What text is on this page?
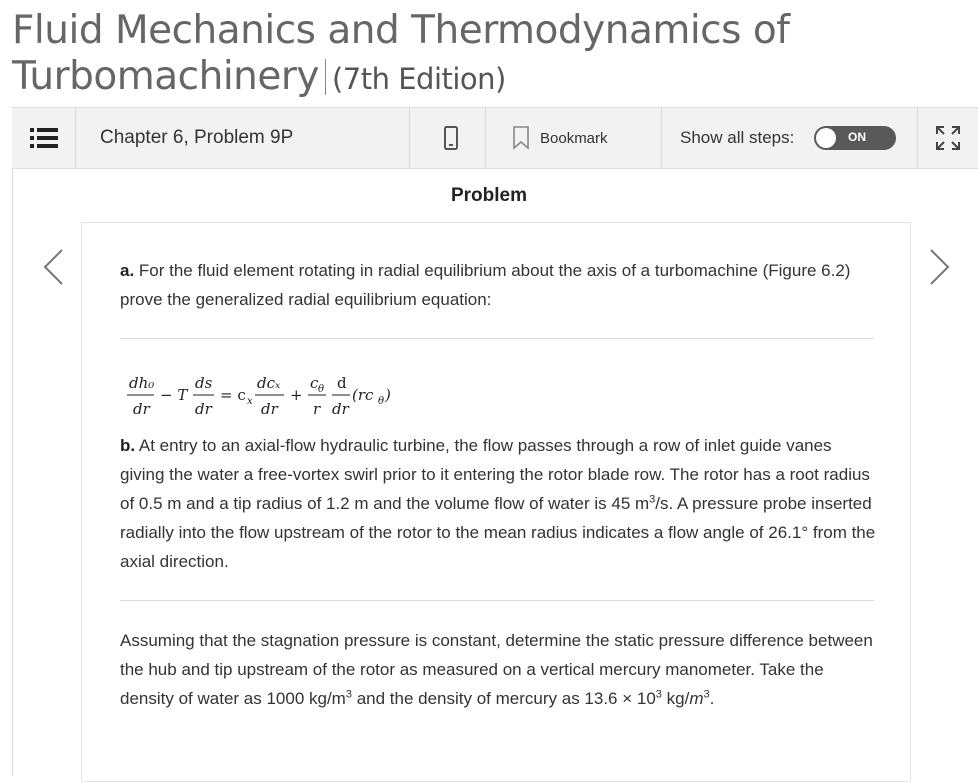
Fluid Mechanics and Thermodynamics of Turbomachinery (7th Edition)
Chapter 6, Problem 9P	Bookmark	Show all steps:	ON
Problem
a. For the fluid element rotating in radial equilibrium about the axis of a turbomachine (Figure 6.2) prove the generalized radial equilibrium equation:
dh₀
dr
− T
ds
dr
= c x
dcₓ
dr
+
c θ
r
d
dr
(rc θ )
b. At entry to an axial-flow hydraulic turbine, the flow passes through a row of inlet guide vanes giving the water a free-vortex swirl prior to it entering the rotor blade row. The rotor has a root radius of 0.5 m and a tip radius of 1.2 m and the volume flow of water is 45 $m^3/s$. A pressure probe inserted radially into the flow upstream of the rotor to the mean radius indicates a flow angle of 26.1° from the axial direction.
Assuming that the stagnation pressure is constant, determine the static pressure difference between the hub and tip upstream of the rotor as measured on a vertical mercury manometer. Take the density of water as 1000 $kg/m^3$ and the density of mercury as $13.6 \times 10^3$ $kg/m^3$.
